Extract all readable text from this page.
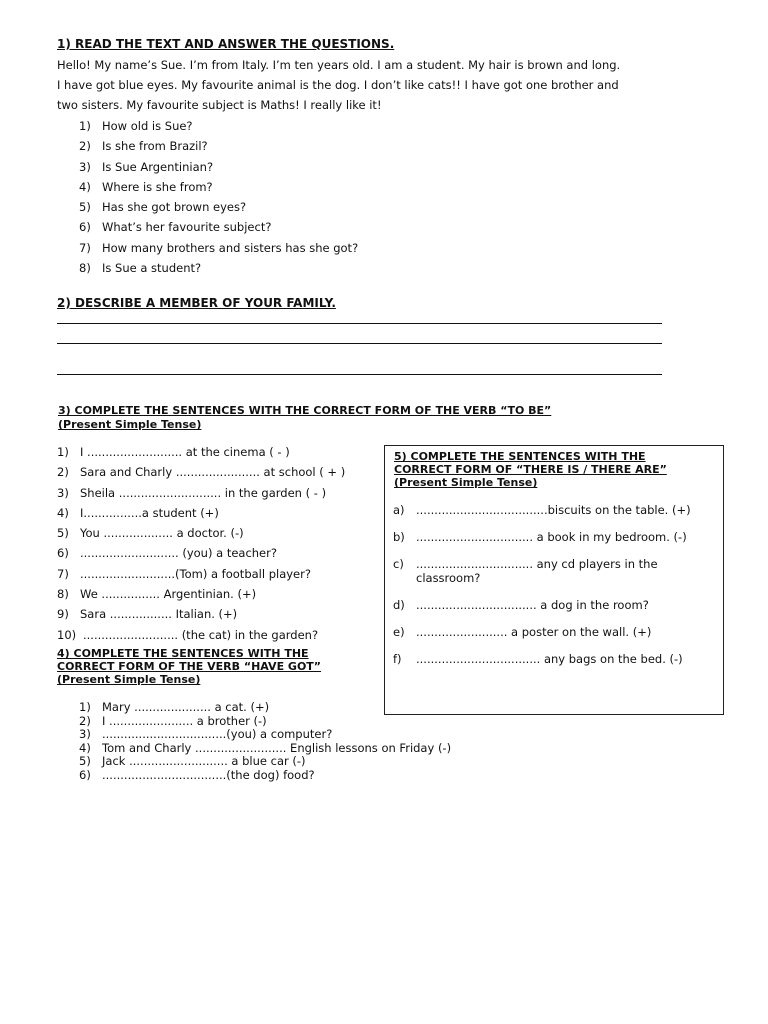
1) READ THE TEXT AND ANSWER THE QUESTIONS.
Hello! My name’s Sue. I’m from Italy. I’m ten years old. I am a student. My hair is brown and long.
I have got blue eyes. My favourite animal is the dog. I don’t like cats!! I have got one brother and
two sisters. My favourite subject is Maths! I really like it!
1) How old is Sue?
2) Is she from Brazil?
3) Is Sue Argentinian?
4) Where is she from?
5) Has she got brown eyes?
6) What’s her favourite subject?
7) How many brothers and sisters has she got?
8) Is Sue a student?
2) DESCRIBE A MEMBER OF YOUR FAMILY.
3) COMPLETE THE SENTENCES WITH THE CORRECT FORM OF THE VERB “TO BE”
(Present Simple Tense)
1) I .......................... at the cinema ( - )
2) Sara and Charly ....................... at school ( + )
3) Sheila ............................ in the garden ( - )
4) I................a student (+)
5) You ................... a doctor. (-)
6) ........................... (you) a teacher?
7) ..........................(Tom) a football player?
8) We ................ Argentinian. (+)
9) Sara ................. Italian. (+)
10) .......................... (the cat) in the garden?
4) COMPLETE THE SENTENCES WITH THE
CORRECT FORM OF THE VERB “HAVE GOT”
(Present Simple Tense)
1) Mary ..................... a cat. (+)
2) I ....................... a brother (-)
3) ..................................(you) a computer?
4) Tom and Charly ......................... English lessons on Friday (-)
5) Jack ........................... a blue car (-)
6) ..................................(the dog) food?
5) COMPLETE THE SENTENCES WITH THE
CORRECT FORM OF “THERE IS / THERE ARE”
(Present Simple Tense)
a) ....................................biscuits on the table. (+)
b) ................................ a book in my bedroom. (-)
c)	................................ any cd players in the classroom?
d) ................................. a dog in the room?
e) ......................... a poster on the wall. (+)
f)	.................................. any bags on the bed. (-)
